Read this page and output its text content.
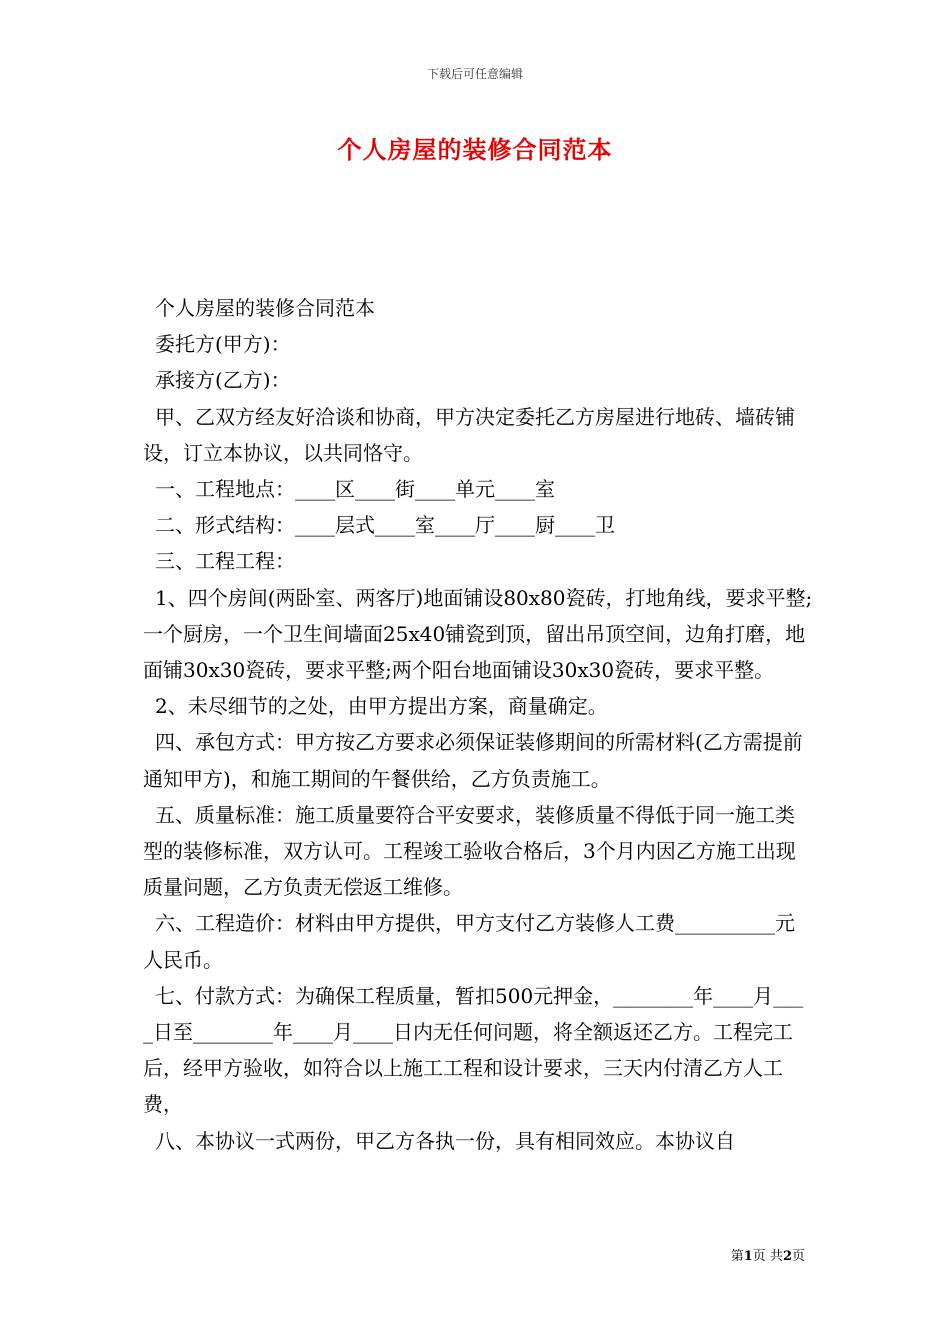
下载后可任意编辑
个人房屋的装修合同范本

个人房屋的装修合同范本

委托方(甲方)：

承接方(乙方)：

甲、乙双方经友好洽谈和协商，甲方决定委托乙方房屋进行地砖、墙砖铺设，订立本协议，以共同恪守。

一、工程地点：____区____街____单元____室

二、形式结构：____层式____室____厅____厨____卫

三、工程工程：

1、四个房间(两卧室、两客厅)地面铺设80x80瓷砖，打地角线，要求平整;一个厨房，一个卫生间墙面25x40铺瓷到顶，留出吊顶空间，边角打磨，地面铺30x30瓷砖，要求平整;两个阳台地面铺设30x30瓷砖，要求平整。

2、未尽细节的之处，由甲方提出方案，商量确定。

四、承包方式：甲方按乙方要求必须保证装修期间的所需材料(乙方需提前通知甲方)，和施工期间的午餐供给，乙方负责施工。

五、质量标准：施工质量要符合平安要求，装修质量不得低于同一施工类型的装修标准，双方认可。工程竣工验收合格后，3个月内因乙方施工出现质量问题，乙方负责无偿返工维修。

六、工程造价：材料由甲方提供，甲方支付乙方装修人工费__________元人民币。

七、付款方式：为确保工程质量，暂扣500元押金，________年____月____日至________年____月____日内无任何问题，将全额返还乙方。工程完工后，经甲方验收，如符合以上施工工程和设计要求，三天内付清乙方人工费，

八、本协议一式两份，甲乙方各执一份，具有相同效应。本协议自

第1页 共2页
